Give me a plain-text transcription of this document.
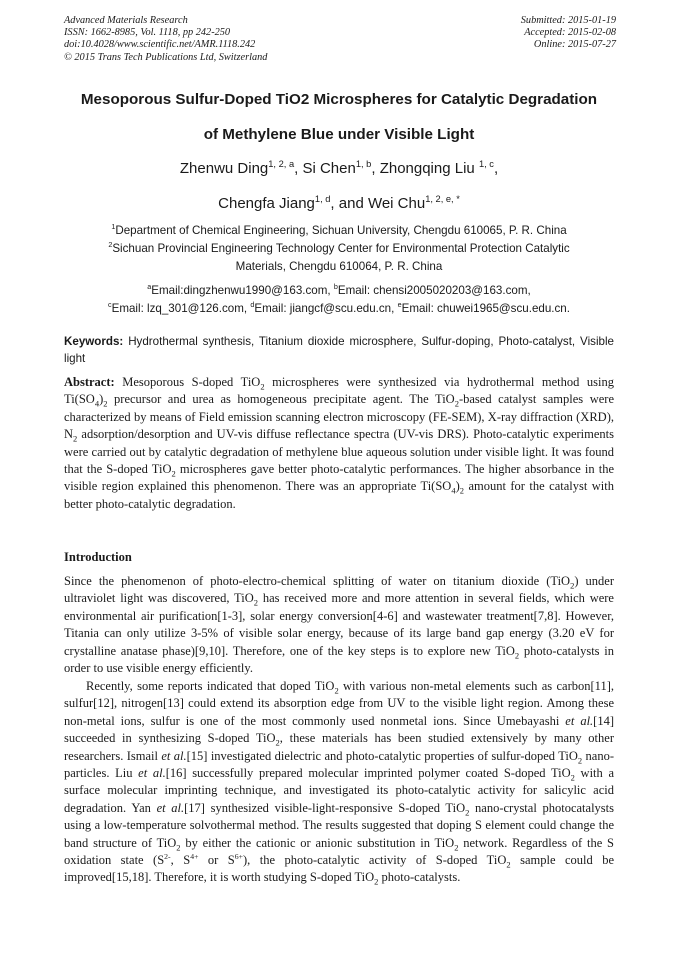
Advanced Materials Research
ISSN: 1662-8985, Vol. 1118, pp 242-250
doi:10.4028/www.scientific.net/AMR.1118.242
© 2015 Trans Tech Publications Ltd, Switzerland
Submitted: 2015-01-19
Accepted: 2015-02-08
Online: 2015-07-27
Mesoporous Sulfur-Doped TiO2 Microspheres for Catalytic Degradation
of Methylene Blue under Visible Light
Zhenwu Ding$^{1, 2, a}$, Si Chen$^{1, b}$, Zhongqing Liu $^{1, c}$,
Chengfa Jiang$^{1, d}$, and Wei Chu$^{1, 2, e, *}$
$^1$Department of Chemical Engineering, Sichuan University, Chengdu 610065, P. R. China
$^2$Sichuan Provincial Engineering Technology Center for Environmental Protection Catalytic
Materials, Chengdu 610064, P. R. China
$^a$Email:dingzhenwu1990@163.com, $^b$Email: chensi2005020203@163.com,
$^c$Email: lzq_301@126.com, $^d$Email: jiangcf@scu.edu.cn, $^e$Email: chuwei1965@scu.edu.cn.
Keywords: Hydrothermal synthesis, Titanium dioxide microsphere, Sulfur-doping, Photo-catalyst, Visible light
Abstract: Mesoporous S-doped TiO$_2$ microspheres were synthesized via hydrothermal method using $Ti(SO_4)_2$ precursor and urea as homogeneous precipitate agent. The TiO$_2$-based catalyst samples were characterized by means of Field emission scanning electron microscopy (FE-SEM), X-ray diffraction (XRD), $N_2$ adsorption/desorption and UV-vis diffuse reflectance spectra (UV-vis DRS). Photo-catalytic experiments were carried out by catalytic degradation of methylene blue aqueous solution under visible light. It was found that the S-doped TiO$_2$ microspheres gave better photo-catalytic performances. The higher absorbance in the visible region explained this phenomenon. There was an appropriate $Ti(SO_4)_2$ amount for the catalyst with better photo-catalytic degradation.
Introduction
Since the phenomenon of photo-electro-chemical splitting of water on titanium dioxide (TiO$_2$) under ultraviolet light was discovered, TiO$_2$ has received more and more attention in several fields, which were environmental air purification[1-3], solar energy conversion[4-6] and wastewater treatment[7,8]. However, Titania can only utilize 3-5% of visible solar energy, because of its large band gap energy (3.20 eV for crystalline anatase phase)[9,10]. Therefore, one of the key steps is to explore new TiO$_2$ photo-catalysts in order to use visible energy efficiently.
Recently, some reports indicated that doped TiO$_2$ with various non-metal elements such as carbon[11], sulfur[12], nitrogen[13] could extend its absorption edge from UV to the visible light region. Among these non-metal ions, sulfur is one of the most commonly used nonmetal ions. Since Umebayashi et al.[14] succeeded in synthesizing S-doped TiO$_2$, these materials has been studied extensively by many other researchers. Ismail et al.[15] investigated dielectric and photo-catalytic properties of sulfur-doped TiO$_2$ nano-particles. Liu et al.[16] successfully prepared molecular imprinted polymer coated S-doped TiO$_2$ with a surface molecular imprinting technique, and investigated its photo-catalytic activity for salicylic acid degradation. Yan et al.[17] synthesized visible-light-responsive S-doped TiO$_2$ nano-crystal photocatalysts using a low-temperature solvothermal method. The results suggested that doping S element could change the band structure of TiO$_2$ by either the cationic or anionic substitution in TiO$_2$ network. Regardless of the S oxidation state ($S^{2-}$, $S^{4+}$ or $S^{6+}$), the photo-catalytic activity of S-doped TiO$_2$ sample could be improved[15,18]. Therefore, it is worth studying S-doped TiO$_2$ photo-catalysts.
